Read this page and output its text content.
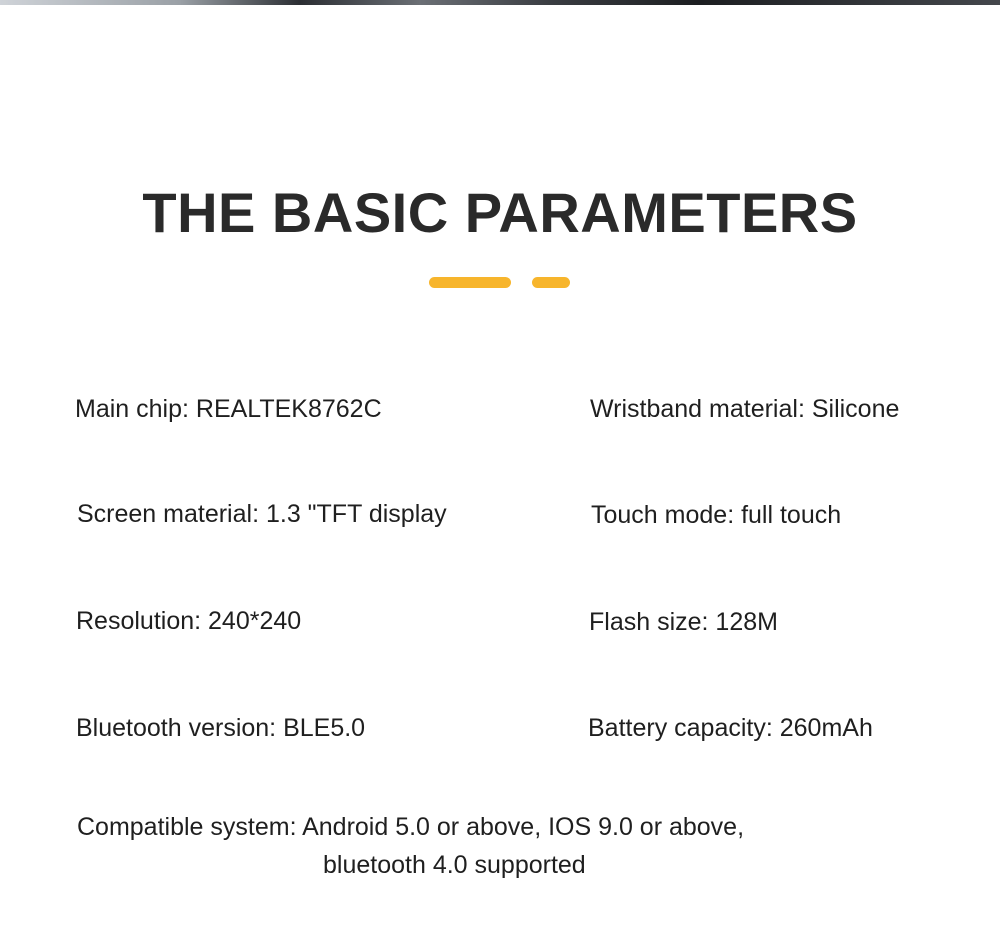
THE BASIC PARAMETERS
Main chip: REALTEK8762C	Wristband material: Silicone
Screen material: 1.3 "TFT display	Touch mode: full touch
Resolution: 240*240	Flash size: 128M
Bluetooth version: BLE5.0	Battery capacity: 260mAh
Compatible system: Android 5.0 or above, IOS 9.0 or above,
bluetooth 4.0 supported
